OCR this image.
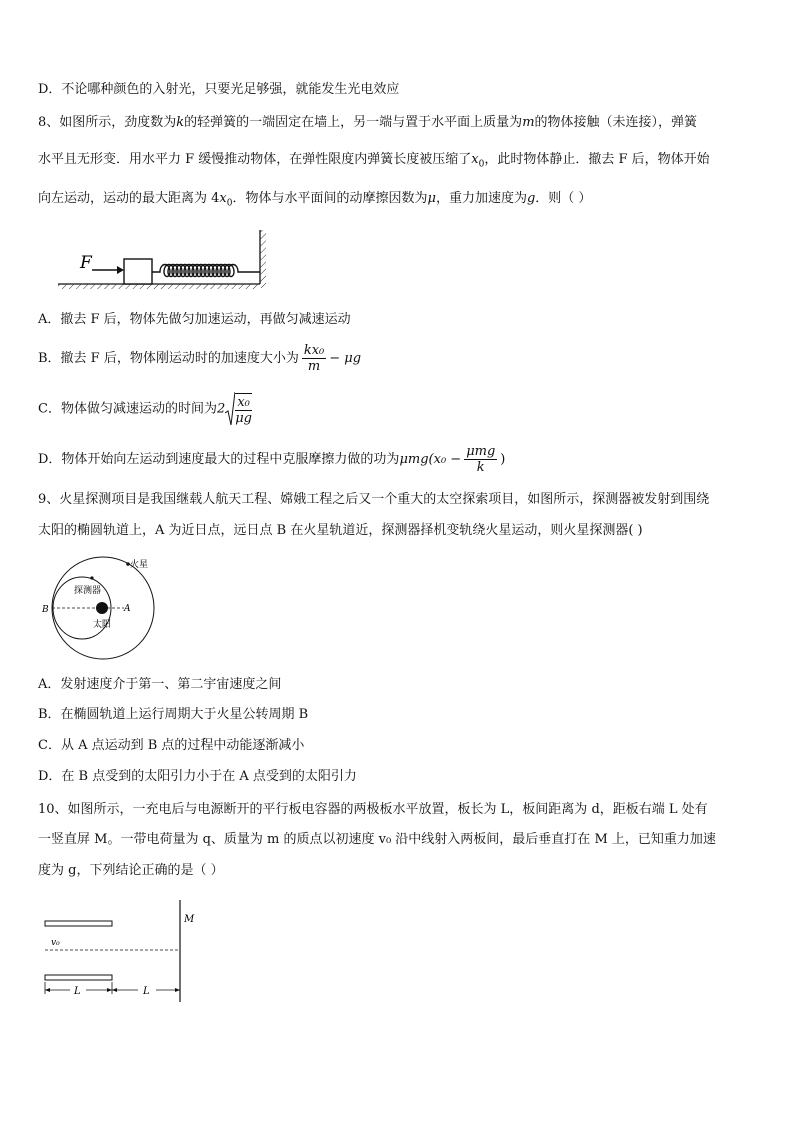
D．不论哪种颜色的入射光，只要光足够强，就能发生光电效应
8、如图所示，劲度数为k的轻弹簧的一端固定在墙上，另一端与置于水平面上质量为m的物体接触（未连接），弹簧
水平且无形变．用水平力 F 缓慢推动物体，在弹性限度内弹簧长度被压缩了$x_0$，此时物体静止．撤去 F 后，物体开始
向左运动，运动的最大距离为 $4x_0$．物体与水平面间的动摩擦因数为μ，重力加速度为g．则（ ）
F
A．撤去 F 后，物体先做匀加速运动，再做匀减速运动
B．撤去 F 后，物体刚运动时的加速度大小为 $\frac{\text{kx₀}}{m} - \mu g$
C．物体做匀减速运动的时间为$2 \frac{\text{x₀}}{\mu g}$
D．物体开始向左运动到速度最大的过程中克服摩擦力做的功为$\mu mg(x_0 - \frac{\text{μmg}}{k}$ )
9、火星探测项目是我国继载人航天工程、嫦娥工程之后又一个重大的太空探索项目，如图所示，探测器被发射到围绕
太阳的椭圆轨道上，A 为近日点，远日点 B 在火星轨道近，探测器择机变轨绕火星运动，则火星探测器( )
火星
探测器
太阳
A
B
A．发射速度介于第一、第二宇宙速度之间
B．在椭圆轨道上运行周期大于火星公转周期 B
C．从 A 点运动到 B 点的过程中动能逐渐减小
D．在 B 点受到的太阳引力小于在 A 点受到的太阳引力
10、如图所示，一充电后与电源断开的平行板电容器的两极板水平放置，板长为 L，板间距离为 d，距板右端 L 处有
一竖直屏 M。一带电荷量为 q、质量为 m 的质点以初速度 v₀ 沿中线射入两板间，最后垂直打在 M 上，已知重力加速
度为 g，下列结论正确的是（ ）
M
v₀
L	L
